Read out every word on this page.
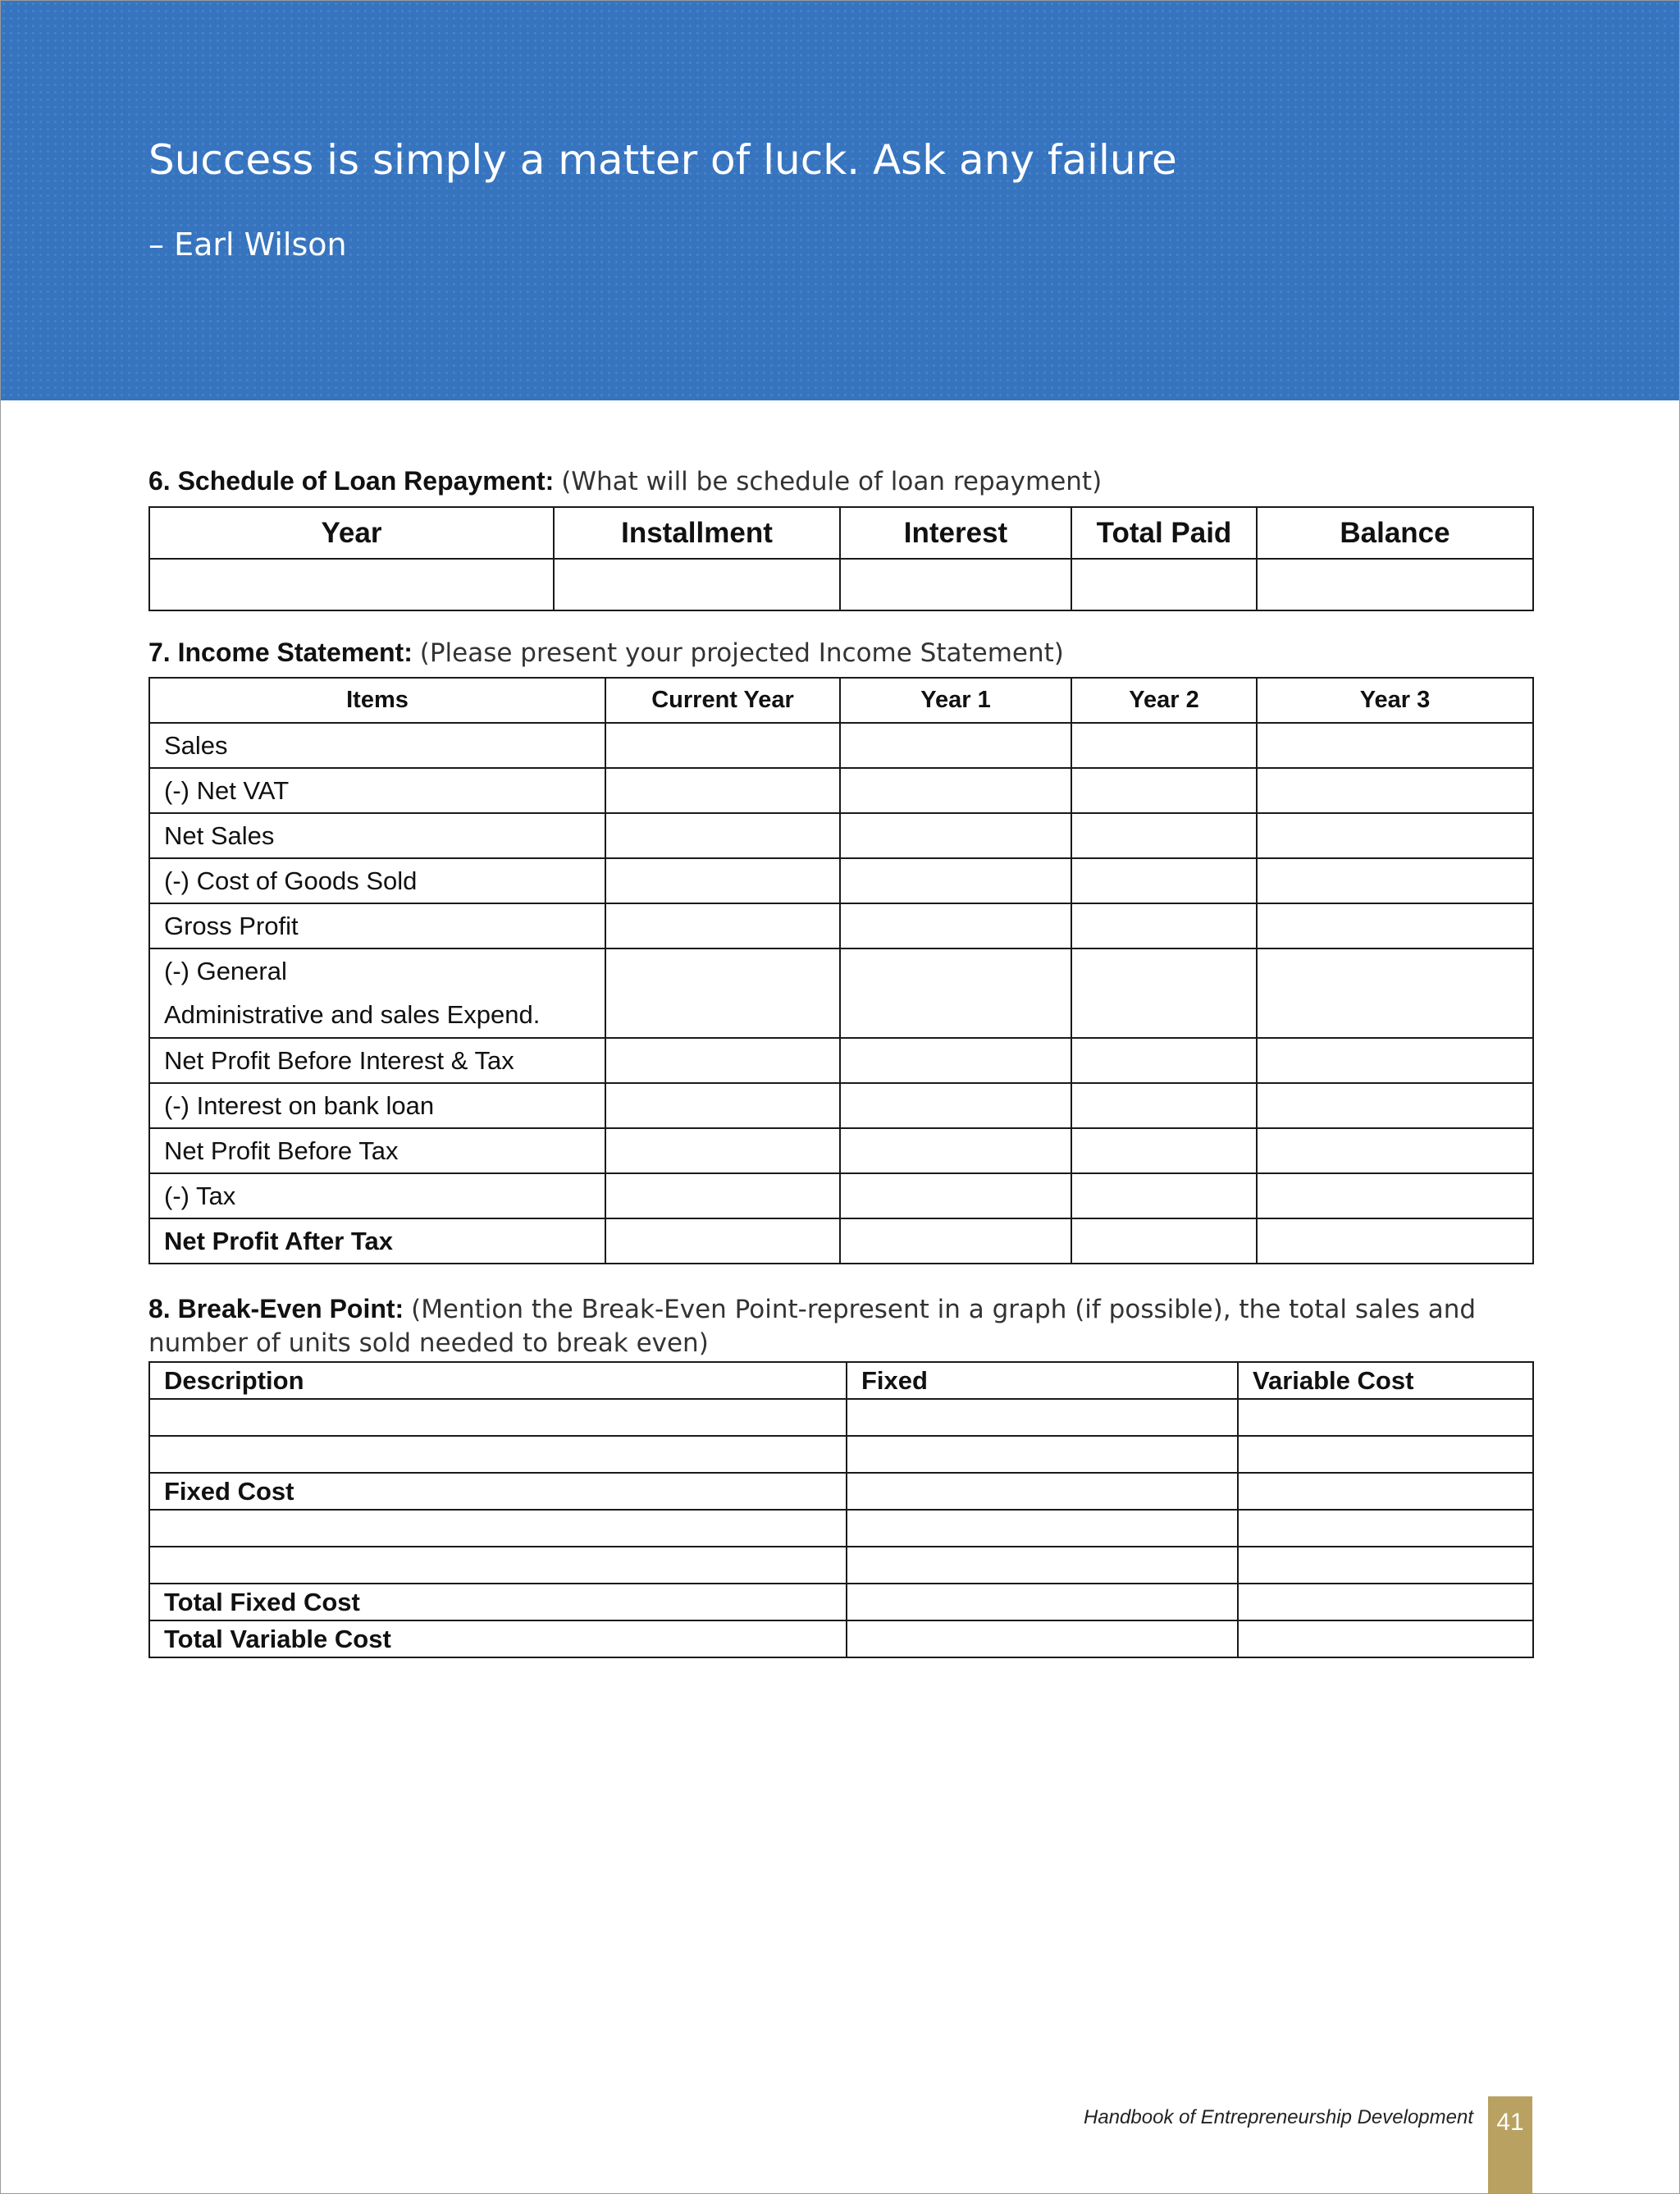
Success is simply a matter of luck. Ask any failure

– Earl Wilson

6. Schedule of Loan Repayment: (What will be schedule of loan repayment)

Year	Installment	Interest	Total Paid	Balance

7. Income Statement: (Please present your projected Income Statement)

Items	Current Year	Year 1	Year 2	Year 3
Sales				
(-) Net VAT				
Net Sales				
(-) Cost of Goods Sold				
Gross Profit				

(-) General
Administrative and sales Expend.				

Net Profit Before Interest & Tax				
(-) Interest on bank loan				
Net Profit Before Tax				
(-) Tax				
Net Profit After Tax				

8. Break-Even Point: (Mention the Break-Even Point-represent in a graph (if possible), the total sales and number of units sold needed to break even)

Description	Fixed	Variable Cost

Fixed Cost		

Total Fixed Cost		
Total Variable Cost		
Handbook of Entrepreneurship Development 41
